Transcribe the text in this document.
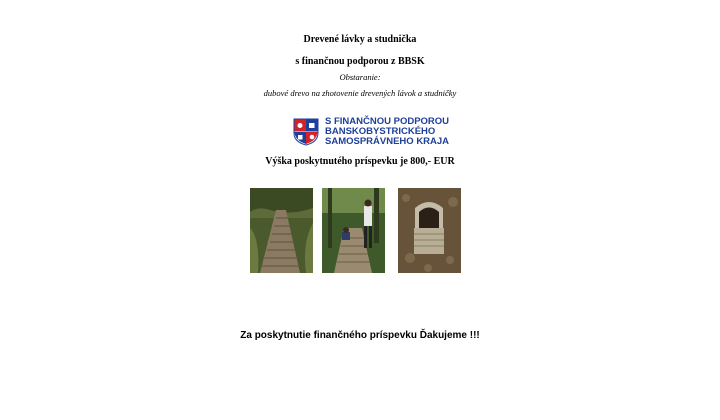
Drevené lávky a studnička
s finančnou podporou z BBSK
Obstaranie:
dubové drevo na zhotovenie drevených lávok a studničky
S FINANČNOU PODPOROU
BANSKOBYSTRICKÉHO
SAMOSPRÁVNEHO KRAJA
Výška poskytnutého príspevku je 800,- EUR
Za poskytnutie finančného príspevku Ďakujeme !!!
